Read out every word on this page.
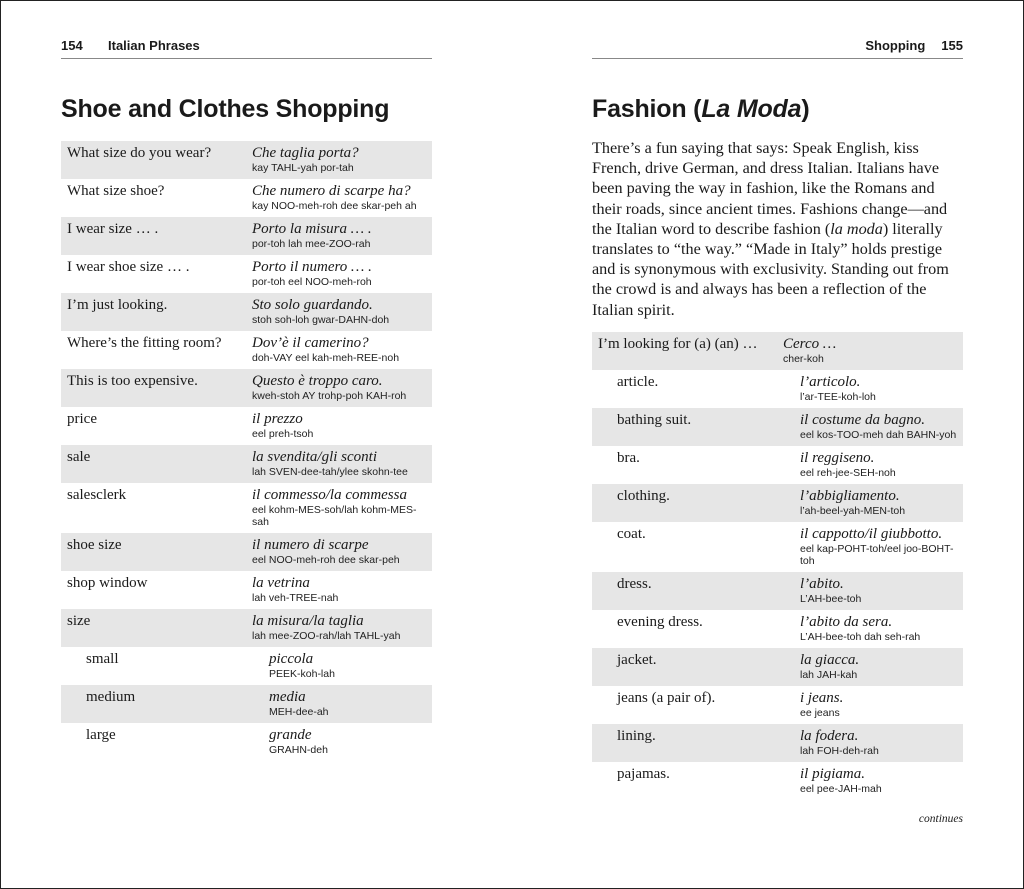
154 Italian Phrases
Shoe and Clothes Shopping
What size do you wear?	Che taglia porta?
kay TAHL-yah por-tah

What size shoe?	Che numero di scarpe ha?
kay NOO-meh-roh dee skar-peh ah

I wear size … .	Porto la misura … .
por-toh lah mee-ZOO-rah

I wear shoe size … .	Porto il numero … .
por-toh eel NOO-meh-roh

I’m just looking.	Sto solo guardando.
stoh soh-loh gwar-DAHN-doh

Where’s the fitting room?	Dov’è il camerino?
doh-VAY eel kah-meh-REE-noh

This is too expensive.	Questo è troppo caro.
kweh-stoh AY trohp-poh KAH-roh

price	il prezzo
eel preh-tsoh

sale	la svendita/gli sconti
lah SVEN-dee-tah/ylee skohn-tee

salesclerk	il commesso/la commessa
eel kohm-MES-soh/lah kohm-MES-sah

shoe size	il numero di scarpe
eel NOO-meh-roh dee skar-peh

shop window	la vetrina
lah veh-TREE-nah

size	la misura/la taglia
lah mee-ZOO-rah/lah TAHL-yah

small	piccola
PEEK-koh-lah

medium	media
MEH-dee-ah

large	grande
GRAHN-deh
Shopping 155
Fashion (La Moda)

There’s a fun saying that says: Speak English, kiss French, drive German, and dress Italian. Italians have been paving the way in fashion, like the Romans and their roads, since ancient times. Fashions change—and the Italian word to describe fashion (la moda) literally translates to “the way.” “Made in Italy” holds prestige and is synonymous with exclusivity. Standing out from the crowd is and always has been a reflection of the Italian spirit.

I’m looking for (a) (an) …	Cerco …
cher-koh

article.	l’articolo.
l’ar-TEE-koh-loh

bathing suit.	il costume da bagno.
eel kos-TOO-meh dah BAHN-yoh

bra.	il reggiseno.
eel reh-jee-SEH-noh

clothing.	l’abbigliamento.
l’ah-beel-yah-MEN-toh

coat.	il cappotto/il giubbotto.
eel kap-POHT-toh/eel joo-BOHT-toh

dress.	l’abito.
L’AH-bee-toh

evening dress.	l’abito da sera.
L’AH-bee-toh dah seh-rah

jacket.	la giacca.
lah JAH-kah

jeans (a pair of).	i jeans.
ee jeans

lining.	la fodera.
lah FOH-deh-rah

pajamas.	il pigiama.
eel pee-JAH-mah
continues
